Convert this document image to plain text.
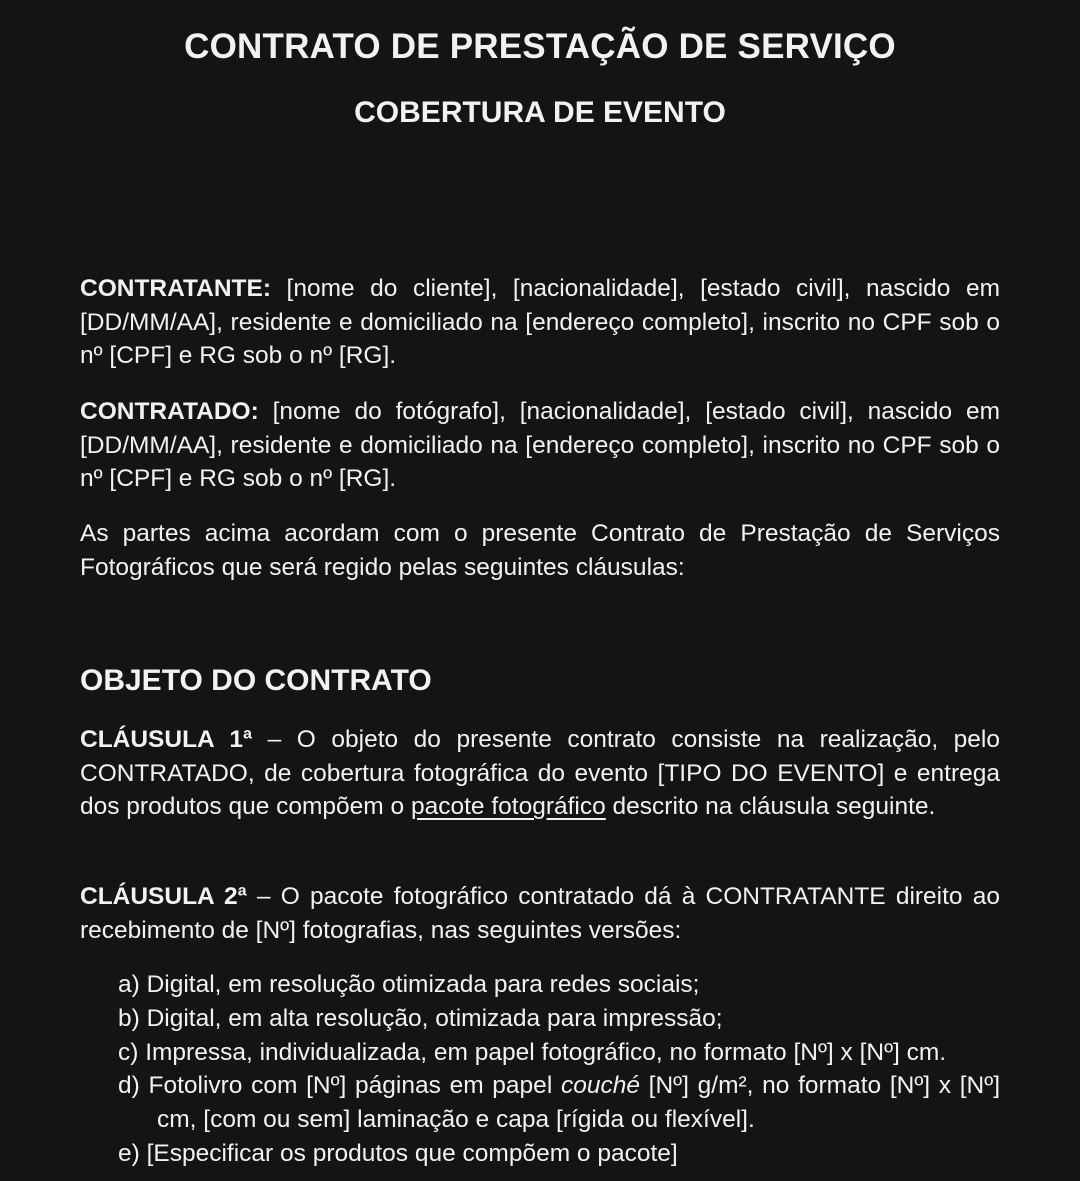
CONTRATO DE PRESTAÇÃO DE SERVIÇO
COBERTURA DE EVENTO

CONTRATANTE: [nome do cliente], [nacionalidade], [estado civil], nascido em [DD/MM/AA], residente e domiciliado na [endereço completo], inscrito no CPF sob o nº [CPF] e RG sob o nº [RG].

CONTRATADO: [nome do fotógrafo], [nacionalidade], [estado civil], nascido em [DD/MM/AA], residente e domiciliado na [endereço completo], inscrito no CPF sob o nº [CPF] e RG sob o nº [RG].

As partes acima acordam com o presente Contrato de Prestação de Serviços Fotográficos que será regido pelas seguintes cláusulas:

OBJETO DO CONTRATO

CLÁUSULA 1ª – O objeto do presente contrato consiste na realização, pelo CONTRATADO, de cobertura fotográfica do evento [TIPO DO EVENTO] e entrega dos produtos que compõem o pacote fotográfico descrito na cláusula seguinte.

CLÁUSULA 2ª – O pacote fotográfico contratado dá à CONTRATANTE direito ao recebimento de [Nº] fotografias, nas seguintes versões:

a) Digital, em resolução otimizada para redes sociais;
b) Digital, em alta resolução, otimizada para impressão;
c) Impressa, individualizada, em papel fotográfico, no formato [Nº] x [Nº] cm.
d) Fotolivro com [Nº] páginas em papel couché [Nº] g/m², no formato [Nº] x [Nº] cm, [com ou sem] laminação e capa [rígida ou flexível].
e) [Especificar os produtos que compõem o pacote]
